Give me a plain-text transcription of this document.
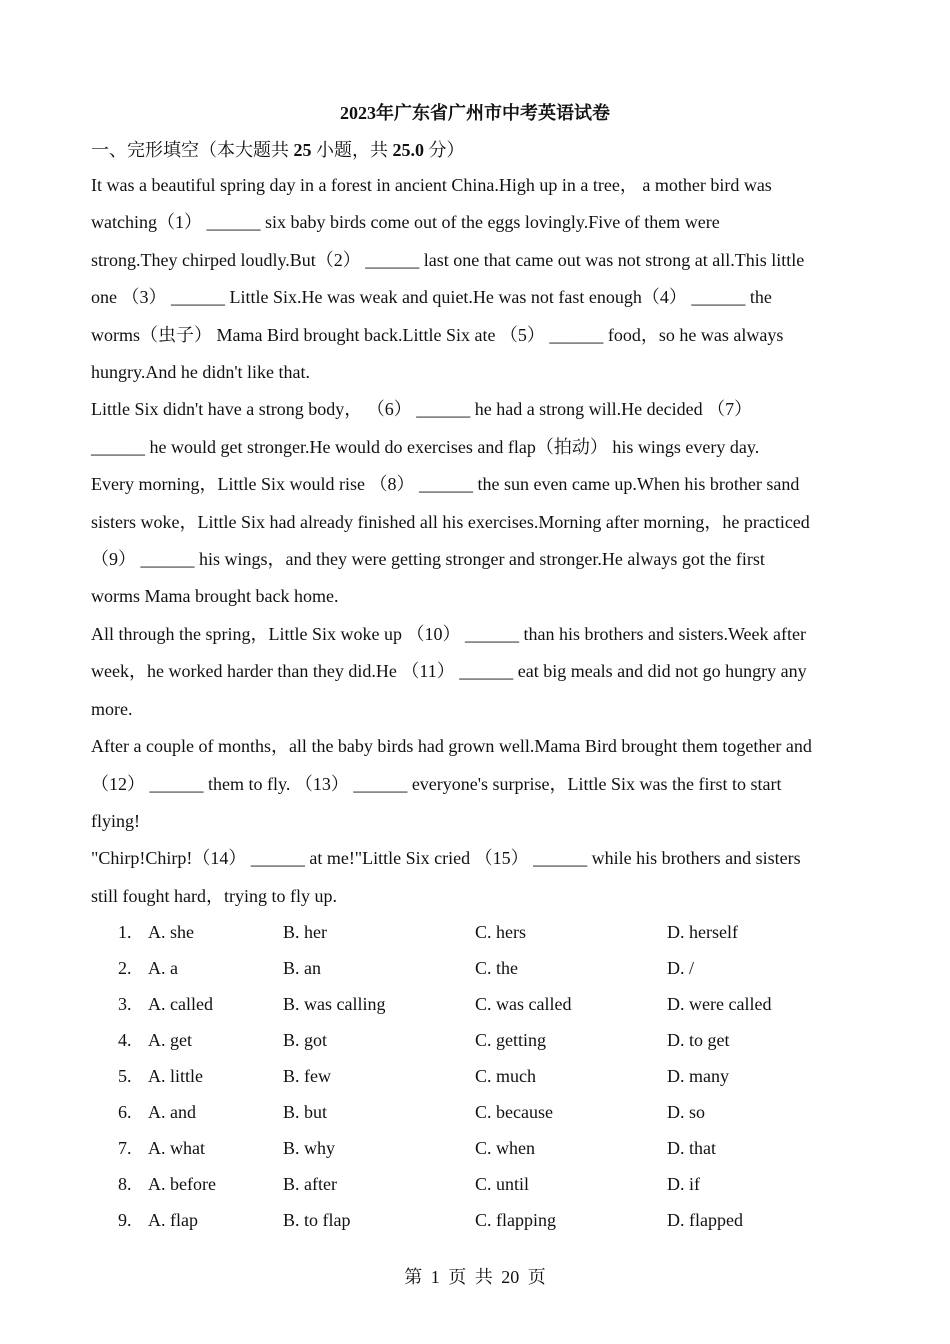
2023年广东省广州市中考英语试卷
一、完形填空（本大题共 25 小题，共 25.0 分）
It was a beautiful spring day in a forest in ancient China.High up in a tree， a mother bird was
watching（1） ______ six baby birds come out of the eggs lovingly.Five of them were
strong.They chirped loudly.But（2） ______ last one that came out was not strong at all.This little
one （3） ______ Little Six.He was weak and quiet.He was not fast enough（4） ______ the
worms（虫子） Mama Bird brought back.Little Six ate （5） ______ food，so he was always
hungry.And he didn't like that.
Little Six didn't have a strong body， （6） ______ he had a strong will.He decided （7）
______ he would get stronger.He would do exercises and flap（拍动） his wings every day.
Every morning，Little Six would rise （8） ______ the sun even came up.When his brother sand
sisters woke，Little Six had already finished all his exercises.Morning after morning，he practiced
（9） ______ his wings，and they were getting stronger and stronger.He always got the first
worms Mama brought back home.
All through the spring，Little Six woke up （10） ______ than his brothers and sisters.Week after
week，he worked harder than they did.He （11） ______ eat big meals and did not go hungry any
more.
After a couple of months，all the baby birds had grown well.Mama Bird brought them together and
（12） ______ them to fly. （13） ______ everyone's surprise，Little Six was the first to start
flying!
"Chirp!Chirp!（14） ______ at me!"Little Six cried （15） ______ while his brothers and sisters
still fought hard，trying to fly up.
1. A. she	B. her	C. hers	D. herself
2. A. a	B. an	C. the	D. /
3. A. called	B. was calling	C. was called	D. were called
4. A. get	B. got	C. getting	D. to get
5. A. little	B. few	C. much	D. many
6. A. and	B. but	C. because	D. so
7. A. what	B. why	C. when	D. that
8. A. before	B. after	C. until	D. if
9. A. flap	B. to flap	C. flapping	D. flapped
第 1 页 共 20 页
